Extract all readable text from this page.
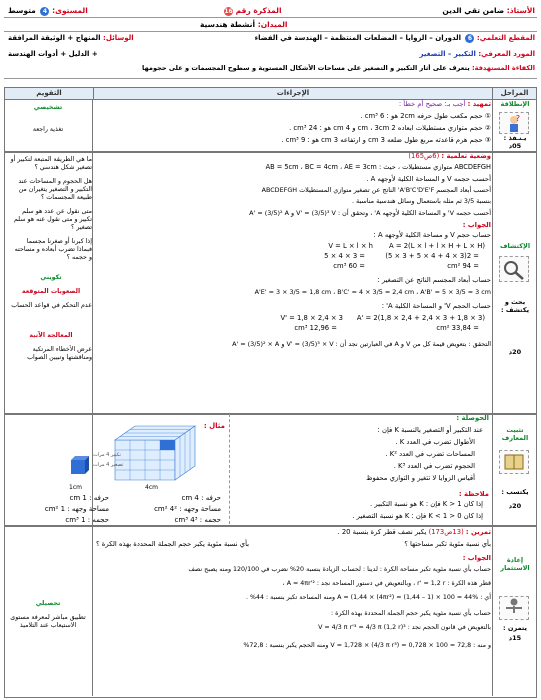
الأستاذ: ضامن تقي الدين
المذكرة رقم 16
المستوى: 4 متوسط
الميدان: أنشطة هندسية
المقطع التعلمي: 6 الدوران – الزوايا – المضلعات المنتظمة – الهندسة في الفضاء
الوسائل: المنهاج + الوثيقة المرافقة
المورد المعرفي: التكبير – التصغير
+ الدليل + أدوات الهندسة
الكفاءة المستهدفة: يتعرف على أثار التكبير و التصغير على مساحات الأشكال المستوية و سطوح المجسمات و على حجومها
المراحل
الإجراءات
التقويم
الإنطلاقة
?
يـنـفذ :
05د
تمهيد : أجب بـ: صحيح أم خطأ :
① حجم مكعب طول حرفه 2cm هو : 6 cm³ .
② حجم متوازي مستطيلات ابعاده 2 cm ، 3cm و 4 cm هو : 24 cm³ .
③ حجم هرم قاعدته مربع طول ضلعه 3 cm و ارتفاعه 3 cm هو : 9 cm³ .
تشخيصي
تغذية راجعة
الإكتشاف
بحث و يكتشف :
20د
وضعية تعلمية : (6ص165)
ABCDEFGH متوازي مستطيلات ، حيث : AB = 5cm ، BC = 4cm ، AE = 3cm
أحسب حجمه V و المساحة الكلية لأوجهه A .
أحسب أبعاد المجسم A'B'C'D'E'F' الناتج عن تصغير متوازي المستطيلات ABCDEFGH
بنسبة 3/5 ثم مثله باستعمال وسائل هندسية مناسبة .
أحسب حجمه V' و المساحة الكلية لأوجهه A' ، وتحقق أن : V' = (3/5)³ V و A' = (3/5)² A
الجواب :
حساب حجم V و مساحة الكلية لأوجهه A :
V = L × l × h
= 3 × 4 × 5
= 60 cm³
A = 2(L × l + l × H + L × H)
= 2(3 × 4 + 4 × 5 + 3 × 5)
= 94 cm²
حساب أبعاد المجسم الناتج عن التصغير :
A'E' = 3 × 3/5 = 1,8 cm ، B'C' = 4 × 3/5 = 2,4 cm ، A'B' = 5 × 3/5 = 3 cm
حساب الحجم V' و المساحة الكلية A' :
V' = 1,8 × 2,4 × 3
= 12,96 cm³
A' = 2(1,8 × 2,4 + 2,4 × 3 + 1,8 × 3)
= 33,84 cm²
التحقق : بتعويض قيمة كل من V و A في العبارتين نجد أن : V' = (3/5)³ × V و A' = (3/5)² × A
ما هي الطريقة المتبعة لتكبير أو تصغير شكل هندسي ؟
هل الحجوم و المساحات عند التكبير و التصغير يتغيران من طبيعة المجسمات ؟
متى نقول عن عدد هو سلم تكبير و متى نقول عنه هو سلم تصغير ؟
إذا كبرنا أو صغرنا مجسما فبماذا تضرب أبعاده و مساحته و حجمه ؟
تكويني
الصعوبات المتوقعة
عدم التحكم في قواعد الحساب
المعالجة الآنية
عرض الأخطاء المرتكبة ومناقشتها وتبيين الصواب
تثبيت المعارف
يكتسب :
20د
الحوصلة :
عند التكبير أو التصغير بالنسبة K فإن :
الأطوال تضرب في العدد K .
المساحات تضرب في العدد K² .
الحجوم تضرب في العدد K³ .
أقياس الزوايا لا تتغير و التوازي محفوظ
ملاحظة :
إذا كان K > 1 فإن : K هو نسبة التكبير .
إذا كان 0 < K < 1 فإن : K هو نسبة التصغير .
مثال :
4cm
1cm
تكبير 4 مرات
تصغير 4 مرات
حرفه : 4 cm
حرفه : 1 cm
مساحة وجهه : 4² cm²
مساحة وجهه : 1 cm²
حجمه : 4³ cm³
حجمه : 1 cm³
إعادة الاستثمار
يتمرن :
15د
تمرين : (13ص173) يكبر نصف قطر كرة بنسبة 20 .
بأي نسبة مئوية تكبر مساحتها ؟
بأي نسبة مئوية يكبر حجم الجملة المحددة بهذه الكرة ؟
الجواب :
حساب بأي نسبة مئوية تكبر مساحة الكرة : لدينا : لحساب الزيادة بنسبة 20% نضرب في 120/100 ومنه يصبح نصف
قطر هذه الكرة : r' = 1,2 r ، وبالتعويض في دستور المساحة نجد : A = 4πr'² ،
أي : A = (1,44 × (4πr²) = (1,44 – 1) × 100 = 44% ومنه المساحة تكبر بنسبة : 44% .
حساب بأي نسبة مئوية يكبر حجم الجملة المحددة بهذه الكرة :
بالتعويض في قانون الحجم نجد : V = 4/3 π r'³ = 4/3 π (1,2 r)³
و منه : V = 1,728 × (4/3 π r³) = 0,728 × 100 = 72,8 ومنه الحجم يكبر بنسبة : 72,8%
تحصيلي
تطبيق مباشر لمعرفة مستوى الاستيعاب عند التلاميذ
